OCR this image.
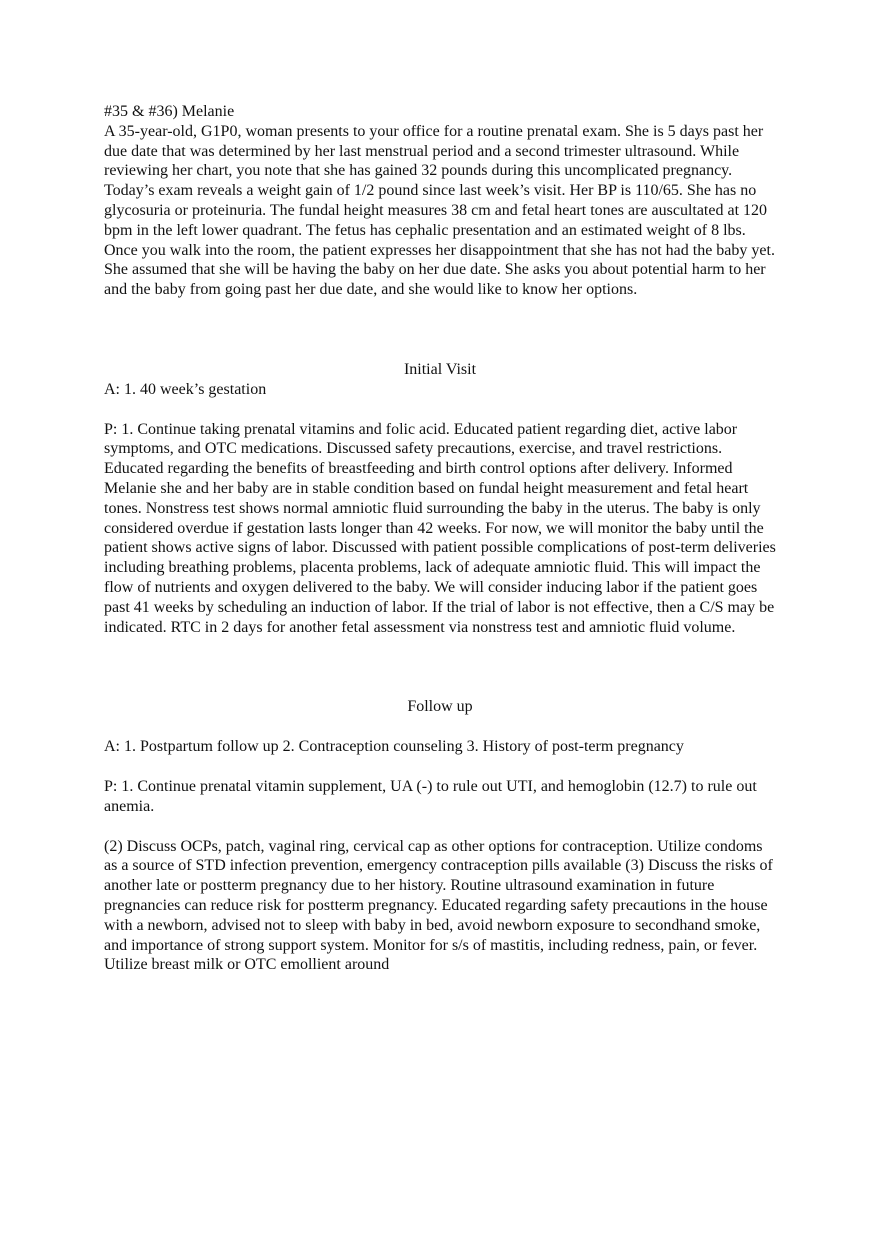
#35 & #36) Melanie

A 35-year-old, G1P0, woman presents to your office for a routine prenatal exam. She is 5 days past her due date that was determined by her last menstrual period and a second trimester ultrasound. While reviewing her chart, you note that she has gained 32 pounds during this uncomplicated pregnancy. Today’s exam reveals a weight gain of 1/2 pound since last week’s visit. Her BP is 110/65. She has no glycosuria or proteinuria. The fundal height measures 38 cm and fetal heart tones are auscultated at 120 bpm in the left lower quadrant. The fetus has cephalic presentation and an estimated weight of 8 lbs. Once you walk into the room, the patient expresses her disappointment that she has not had the baby yet. She assumed that she will be having the baby on her due date. She asks you about potential harm to her and the baby from going past her due date, and she would like to know her options.

Initial Visit

A: 1. 40 week’s gestation

P: 1. Continue taking prenatal vitamins and folic acid. Educated patient regarding diet, active labor symptoms, and OTC medications. Discussed safety precautions, exercise, and travel restrictions. Educated regarding the benefits of breastfeeding and birth control options after delivery. Informed Melanie she and her baby are in stable condition based on fundal height measurement and fetal heart tones. Nonstress test shows normal amniotic fluid surrounding the baby in the uterus. The baby is only considered overdue if gestation lasts longer than 42 weeks. For now, we will monitor the baby until the patient shows active signs of labor. Discussed with patient possible complications of post-term deliveries including breathing problems, placenta problems, lack of adequate amniotic fluid. This will impact the flow of nutrients and oxygen delivered to the baby. We will consider inducing labor if the patient goes past 41 weeks by scheduling an induction of labor. If the trial of labor is not effective, then a C/S may be indicated. RTC in 2 days for another fetal assessment via nonstress test and amniotic fluid volume.

Follow up

A: 1. Postpartum follow up 2. Contraception counseling 3. History of post-term pregnancy

P: 1. Continue prenatal vitamin supplement, UA (-) to rule out UTI, and hemoglobin (12.7) to rule out anemia.

(2) Discuss OCPs, patch, vaginal ring, cervical cap as other options for contraception. Utilize condoms as a source of STD infection prevention, emergency contraception pills available (3) Discuss the risks of another late or postterm pregnancy due to her history. Routine ultrasound examination in future pregnancies can reduce risk for postterm pregnancy. Educated regarding safety precautions in the house with a newborn, advised not to sleep with baby in bed, avoid newborn exposure to secondhand smoke, and importance of strong support system. Monitor for s/s of mastitis, including redness, pain, or fever. Utilize breast milk or OTC emollient around
